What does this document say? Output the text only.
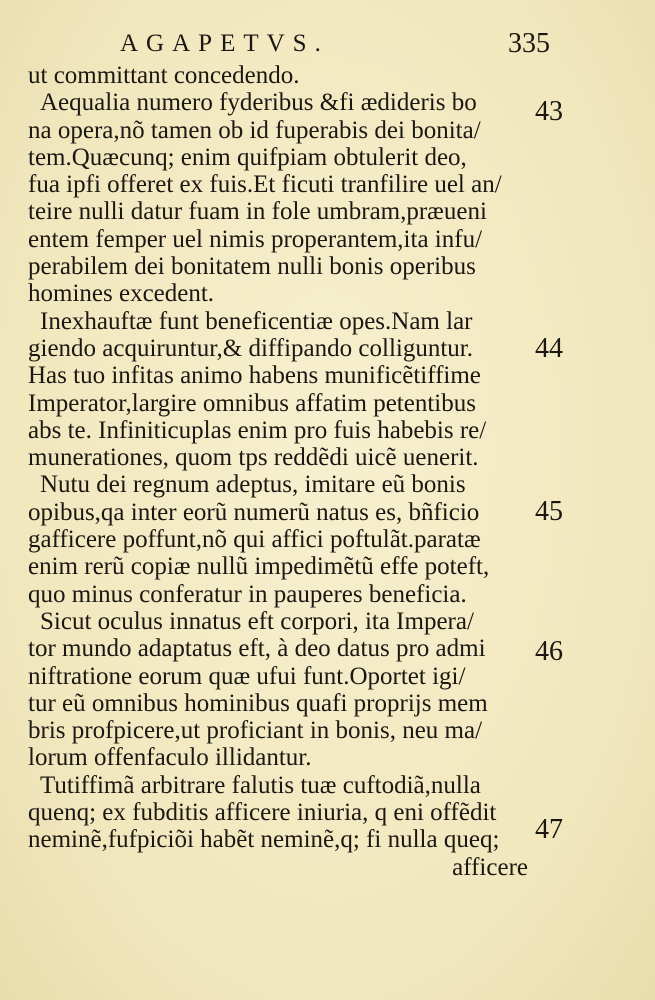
AGAPETVS.	335
ut committant concedendo.
Aequalia numero fyderibus &fi ædideris bo
na opera,nõ tamen ob id fuperabis dei bonita/
tem.Quæcunq; enim quifpiam obtulerit deo,
fua ipfi offeret ex fuis.Et ficuti tranfilire uel an/
teire nulli datur fuam in fole umbram,præueni
entem femper uel nimis properantem,ita infu/
perabilem dei bonitatem nulli bonis operibus
homines excedent.
Inexhauftæ funt beneficentiæ opes.Nam lar
giendo acquiruntur,& diffipando colliguntur.
Has tuo infitas animo habens munificẽtiffime
Imperator,largire omnibus affatim petentibus
abs te. Infiniticuplas enim pro fuis habebis re/
munerationes, quom tps reddẽdi uicẽ uenerit.
Nutu dei regnum adeptus, imitare eũ bonis
opibus,qa inter eorũ numerũ natus es, bñficio
gafficere poffunt,nõ qui affici poftulãt.paratæ
enim rerũ copiæ nullũ impedimẽtũ effe poteft,
quo minus conferatur in pauperes beneficia.
Sicut oculus innatus eft corpori, ita Impera/
tor mundo adaptatus eft, à deo datus pro admi
niftratione eorum quæ ufui funt.Oportet igi/
tur eũ omnibus hominibus quafi proprijs mem
bris profpicere,ut proficiant in bonis, neu ma/
lorum offenfaculo illidantur.
Tutiffimã arbitrare falutis tuæ cuftodiã,nulla
quenq; ex fubditis afficere iniuria, q eni offẽdit
neminẽ,fufpiciõi habẽt neminẽ,q; fi nulla queq;
afficere
43
44
45
46
47
